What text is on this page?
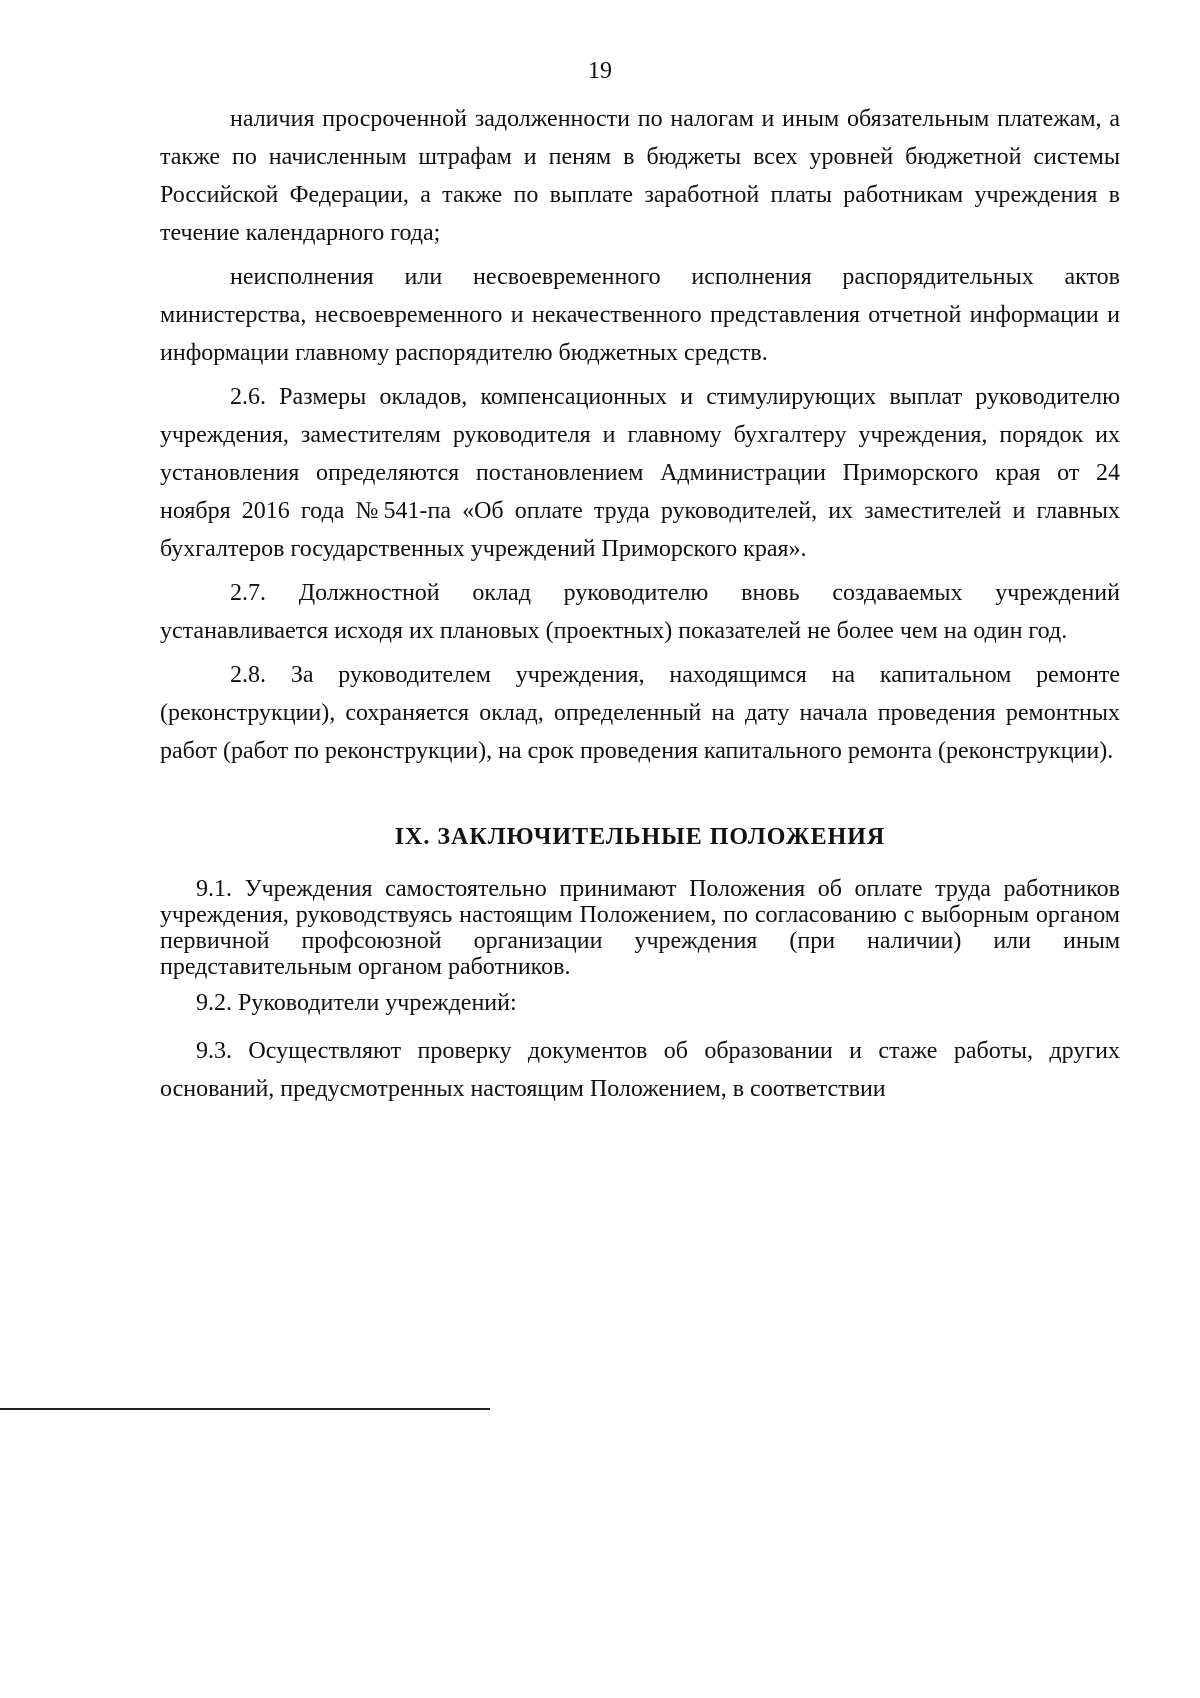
19

наличия просроченной задолженности по налогам и иным обязательным платежам, а также по начисленным штрафам и пеням в бюджеты всех уровней бюджетной системы Российской Федерации, а также по выплате заработной платы работникам учреждения в течение календарного года;

неисполнения или несвоевременного исполнения распорядительных актов министерства, несвоевременного и некачественного представления отчетной информации и информации главному распорядителю бюджетных средств.

2.6. Размеры окладов, компенсационных и стимулирующих выплат руководителю учреждения, заместителям руководителя и главному бухгалтеру учреждения, порядок их установления определяются постановлением Администрации Приморского края от 24 ноября 2016 года №541-па «Об оплате труда руководителей, их заместителей и главных бухгалтеров государственных учреждений Приморского края».

2.7. Должностной оклад руководителю вновь создаваемых учреждений устанавливается исходя их плановых (проектных) показателей не более чем на один год.

2.8. За руководителем учреждения, находящимся на капитальном ремонте (реконструкции), сохраняется оклад, определенный на дату начала проведения ремонтных работ (работ по реконструкции), на срок проведения капитального ремонта (реконструкции).

IX. ЗАКЛЮЧИТЕЛЬНЫЕ ПОЛОЖЕНИЯ

9.1. Учреждения самостоятельно принимают Положения об оплате труда работников учреждения, руководствуясь настоящим Положением, по согласованию с выборным органом первичной профсоюзной организации учреждения (при наличии) или иным представительным органом работников.

9.2. Руководители учреждений:

9.3. Осуществляют проверку документов об образовании и стаже работы, других оснований, предусмотренных настоящим Положением, в соответствии
